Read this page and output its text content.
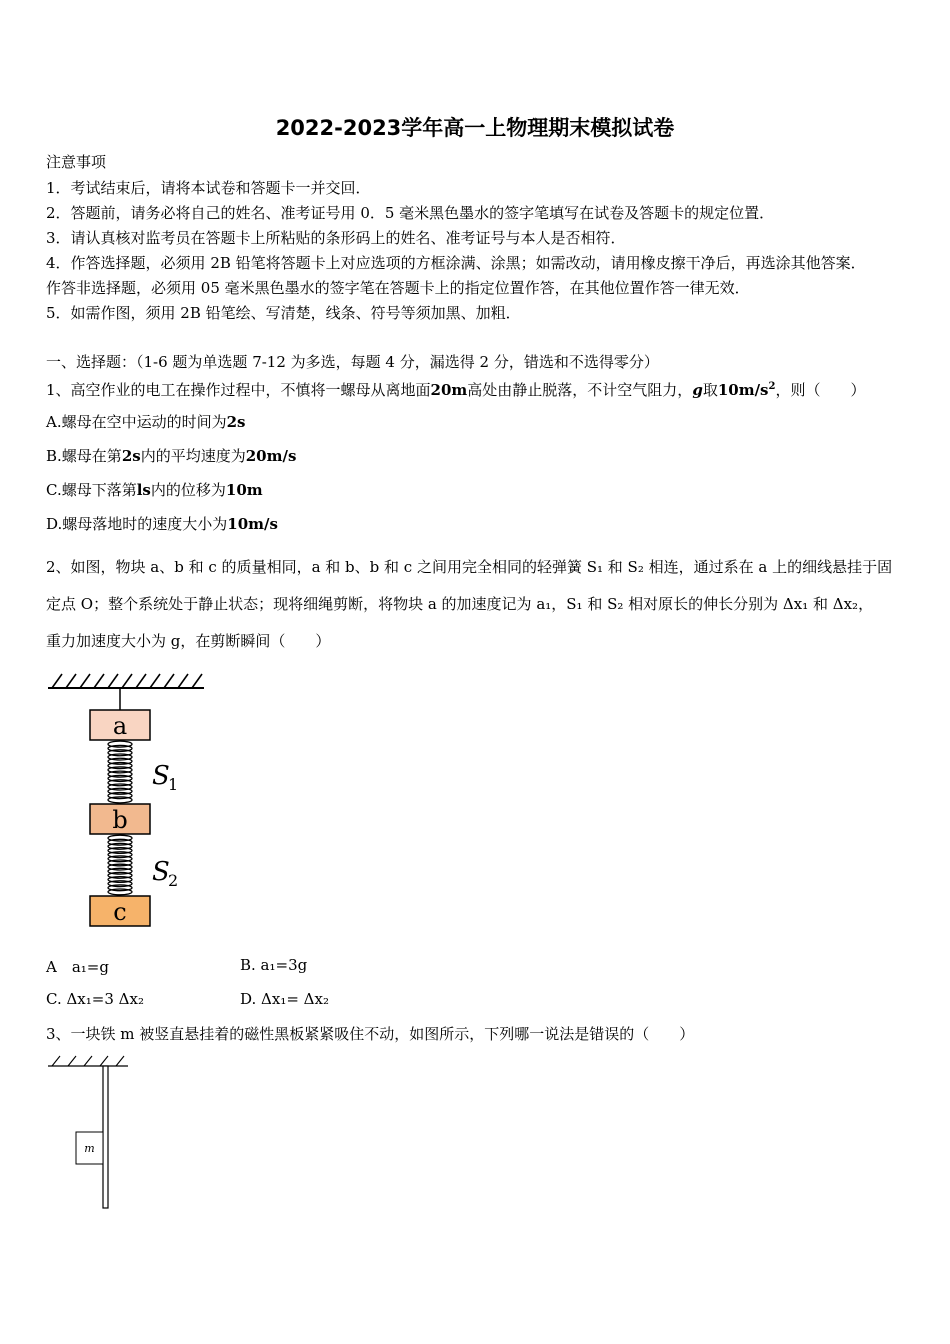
2022-2023学年高一上物理期末模拟试卷
注意事项
1．考试结束后，请将本试卷和答题卡一并交回．
2．答题前，请务必将自己的姓名、准考证号用 0．5 毫米黑色墨水的签字笔填写在试卷及答题卡的规定位置．
3．请认真核对监考员在答题卡上所粘贴的条形码上的姓名、准考证号与本人是否相符．
4．作答选择题，必须用 2B 铅笔将答题卡上对应选项的方框涂满、涂黑；如需改动，请用橡皮擦干净后，再选涂其他答案．
作答非选择题，必须用 05 毫米黑色墨水的签字笔在答题卡上的指定位置作答，在其他位置作答一律无效．
5．如需作图，须用 2B 铅笔绘、写清楚，线条、符号等须加黑、加粗．
一、选择题：（1-6 题为单选题 7-12 为多选，每题 4 分，漏选得 2 分，错选和不选得零分）
1、高空作业的电工在操作过程中，不慎将一螺母从离地面20m高处由静止脱落，不计空气阻力，g取$10m/s^2$，则（　　）
A.螺母在空中运动的时间为2s
B.螺母在第2s内的平均速度为20m/s
C.螺母下落第ls内的位移为10m
D.螺母落地时的速度大小为10m/s
2、如图，物块 a、b 和 c 的质量相同，a 和 b、b 和 c 之间用完全相同的轻弹簧 S₁ 和 S₂ 相连，通过系在 a 上的细线悬挂于固
定点 O；整个系统处于静止状态；现将细绳剪断，将物块 a 的加速度记为 a₁，S₁ 和 S₂ 相对原长的伸长分别为 Δx₁ 和 Δx₂，
重力加速度大小为 g，在剪断瞬间（　　）
a
S
1
b
S
2
c
A　a₁=g	B. a₁=3g
C. Δx₁=3 Δx₂	D. Δx₁= Δx₂
3、一块铁 m 被竖直悬挂着的磁性黑板紧紧吸住不动，如图所示，下列哪一说法是错误的（　　）
m
